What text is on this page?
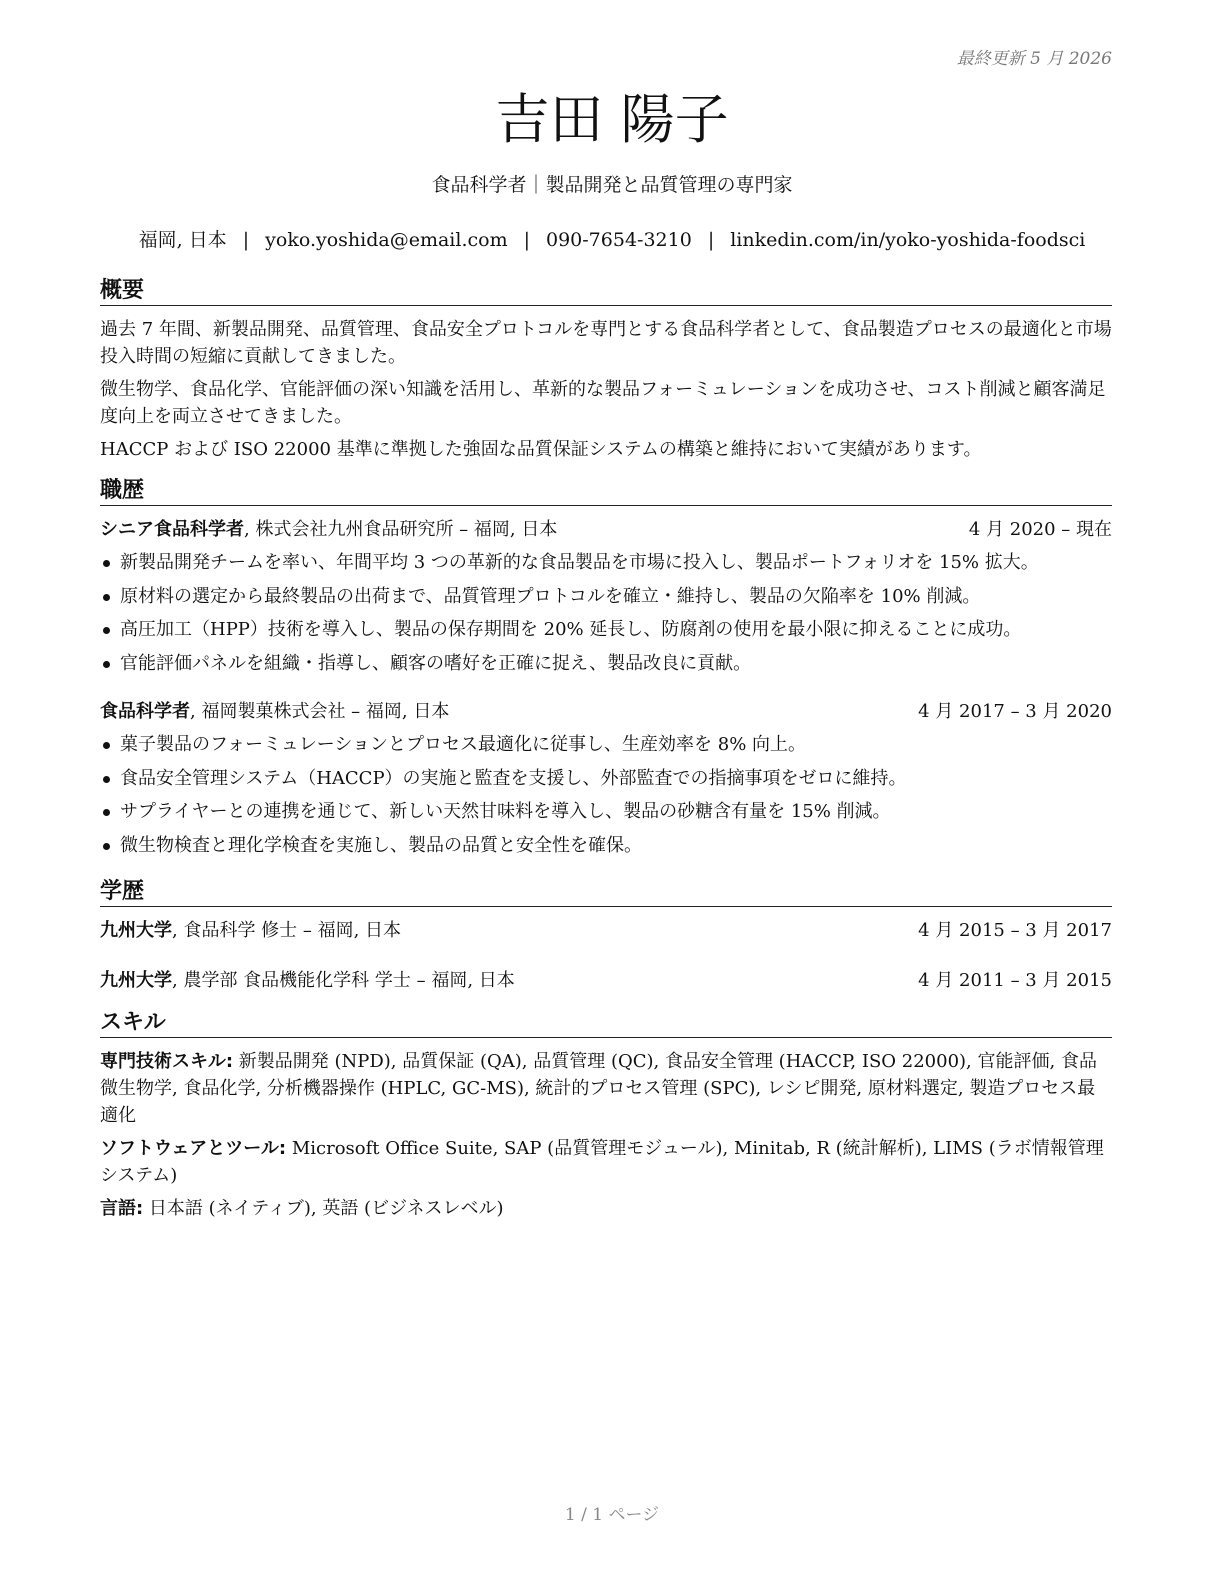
最終更新 5 月 2026
吉田 陽子
食品科学者｜製品開発と品質管理の専門家
福岡, 日本 | yoko.yoshida@email.com | 090-7654-3210 | linkedin.com/in/yoko-yoshida-foodsci
概要

過去 7 年間、新製品開発、品質管理、食品安全プロトコルを専門とする食品科学者として、食品製造プロセスの最適化と市場投入時間の短縮に貢献してきました。

微生物学、食品化学、官能評価の深い知識を活用し、革新的な製品フォーミュレーションを成功させ、コスト削減と顧客満足度向上を両立させてきました。

HACCP および ISO 22000 基準に準拠した強固な品質保証システムの構築と維持において実績があります。

職歴
シニア食品科学者, 株式会社九州食品研究所 – 福岡, 日本	4 月 2020 – 現在
新製品開発チームを率い、年間平均 3 つの革新的な食品製品を市場に投入し、製品ポートフォリオを 15% 拡大。
原材料の選定から最終製品の出荷まで、品質管理プロトコルを確立・維持し、製品の欠陥率を 10% 削減。
高圧加工（HPP）技術を導入し、製品の保存期間を 20% 延長し、防腐剤の使用を最小限に抑えることに成功。
官能評価パネルを組織・指導し、顧客の嗜好を正確に捉え、製品改良に貢献。
食品科学者, 福岡製菓株式会社 – 福岡, 日本	4 月 2017 – 3 月 2020
菓子製品のフォーミュレーションとプロセス最適化に従事し、生産効率を 8% 向上。
食品安全管理システム（HACCP）の実施と監査を支援し、外部監査での指摘事項をゼロに維持。
サプライヤーとの連携を通じて、新しい天然甘味料を導入し、製品の砂糖含有量を 15% 削減。
微生物検査と理化学検査を実施し、製品の品質と安全性を確保。
学歴
九州大学, 食品科学 修士 – 福岡, 日本	4 月 2015 – 3 月 2017
九州大学, 農学部 食品機能化学科 学士 – 福岡, 日本	4 月 2011 – 3 月 2015
スキル

専門技術スキル: 新製品開発 (NPD), 品質保証 (QA), 品質管理 (QC), 食品安全管理 (HACCP, ISO 22000), 官能評価, 食品微生物学, 食品化学, 分析機器操作 (HPLC, GC-MS), 統計的プロセス管理 (SPC), レシピ開発, 原材料選定, 製造プロセス最適化

ソフトウェアとツール: Microsoft Office Suite, SAP (品質管理モジュール), Minitab, R (統計解析), LIMS (ラボ情報管理システム)

言語: 日本語 (ネイティブ), 英語 (ビジネスレベル)

1 / 1 ページ
